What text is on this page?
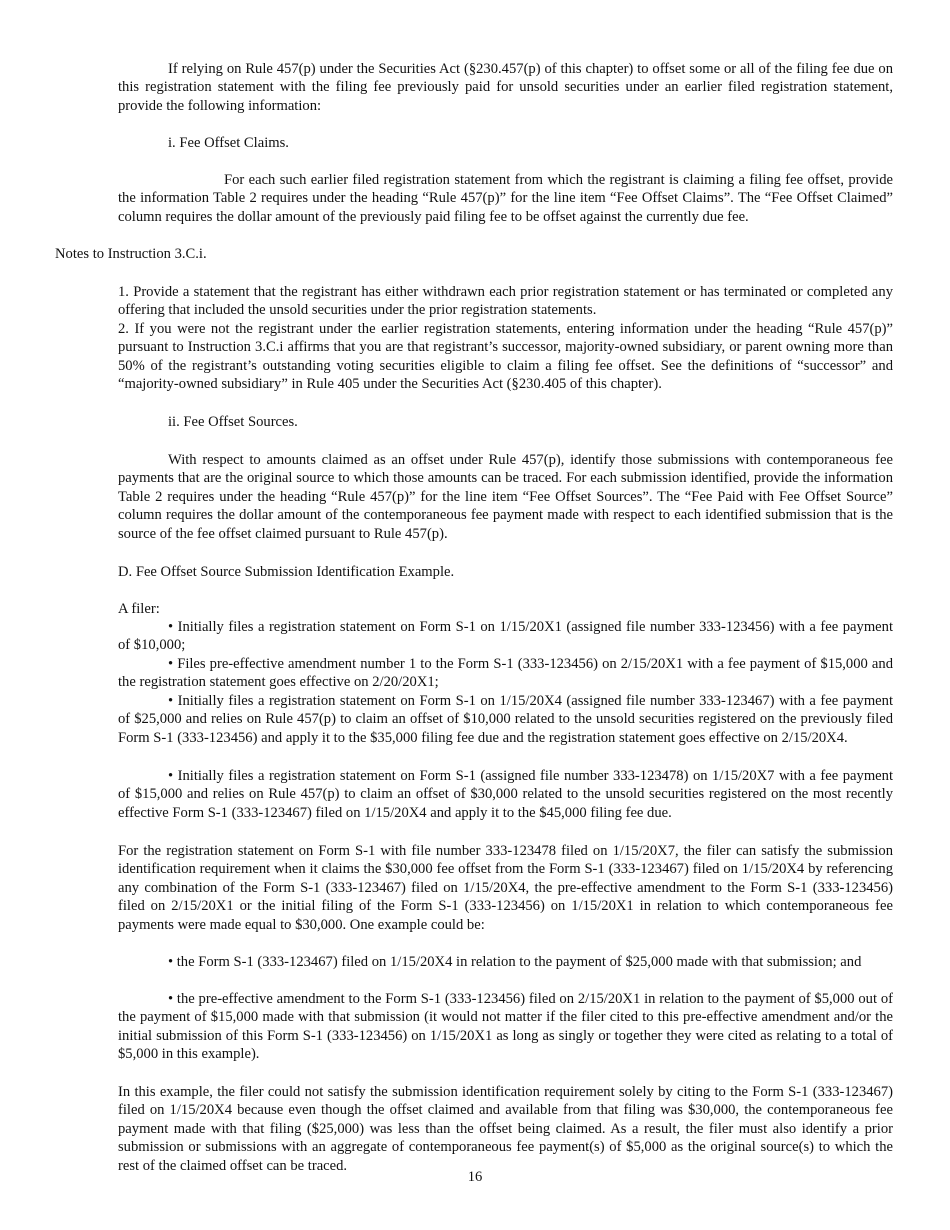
If relying on Rule 457(p) under the Securities Act (§230.457(p) of this chapter) to offset some or all of the filing fee due on this registration statement with the filing fee previously paid for unsold securities under an earlier filed registration statement, provide the following information:

i. Fee Offset Claims.

For each such earlier filed registration statement from which the registrant is claiming a filing fee offset, provide the information Table 2 requires under the heading “Rule 457(p)” for the line item “Fee Offset Claims”. The “Fee Offset Claimed” column requires the dollar amount of the previously paid filing fee to be offset against the currently due fee.

Notes to Instruction 3.C.i.

1. Provide a statement that the registrant has either withdrawn each prior registration statement or has terminated or completed any offering that included the unsold securities under the prior registration statements.

2. If you were not the registrant under the earlier registration statements, entering information under the heading “Rule 457(p)” pursuant to Instruction 3.C.i affirms that you are that registrant’s successor, majority-owned subsidiary, or parent owning more than 50% of the registrant’s outstanding voting securities eligible to claim a filing fee offset. See the definitions of “successor” and “majority-owned subsidiary” in Rule 405 under the Securities Act (§230.405 of this chapter).

ii. Fee Offset Sources.

With respect to amounts claimed as an offset under Rule 457(p), identify those submissions with contemporaneous fee payments that are the original source to which those amounts can be traced. For each submission identified, provide the information Table 2 requires under the heading “Rule 457(p)” for the line item “Fee Offset Sources”. The “Fee Paid with Fee Offset Source” column requires the dollar amount of the contemporaneous fee payment made with respect to each identified submission that is the source of the fee offset claimed pursuant to Rule 457(p).

D. Fee Offset Source Submission Identification Example.

A filer:

• Initially files a registration statement on Form S-1 on 1/15/20X1 (assigned file number 333-123456) with a fee payment of $10,000;

• Files pre-effective amendment number 1 to the Form S-1 (333-123456) on 2/15/20X1 with a fee payment of $15,000 and the registration statement goes effective on 2/20/20X1;

• Initially files a registration statement on Form S-1 on 1/15/20X4 (assigned file number 333-123467) with a fee payment of $25,000 and relies on Rule 457(p) to claim an offset of $10,000 related to the unsold securities registered on the previously filed Form S-1 (333-123456) and apply it to the $35,000 filing fee due and the registration statement goes effective on 2/15/20X4.

• Initially files a registration statement on Form S-1 (assigned file number 333-123478) on 1/15/20X7 with a fee payment of $15,000 and relies on Rule 457(p) to claim an offset of $30,000 related to the unsold securities registered on the most recently effective Form S-1 (333-123467) filed on 1/15/20X4 and apply it to the $45,000 filing fee due.

For the registration statement on Form S-1 with file number 333-123478 filed on 1/15/20X7, the filer can satisfy the submission identification requirement when it claims the $30,000 fee offset from the Form S-1 (333-123467) filed on 1/15/20X4 by referencing any combination of the Form S-1 (333-123467) filed on 1/15/20X4, the pre-effective amendment to the Form S-1 (333-123456) filed on 2/15/20X1 or the initial filing of the Form S-1 (333-123456) on 1/15/20X1 in relation to which contemporaneous fee payments were made equal to $30,000. One example could be:

• the Form S-1 (333-123467) filed on 1/15/20X4 in relation to the payment of $25,000 made with that submission; and

• the pre-effective amendment to the Form S-1 (333-123456) filed on 2/15/20X1 in relation to the payment of $5,000 out of the payment of $15,000 made with that submission (it would not matter if the filer cited to this pre-effective amendment and/or the initial submission of this Form S-1 (333-123456) on 1/15/20X1 as long as singly or together they were cited as relating to a total of $5,000 in this example).

In this example, the filer could not satisfy the submission identification requirement solely by citing to the Form S-1 (333-123467) filed on 1/15/20X4 because even though the offset claimed and available from that filing was $30,000, the contemporaneous fee payment made with that filing ($25,000) was less than the offset being claimed. As a result, the filer must also identify a prior submission or submissions with an aggregate of contemporaneous fee payment(s) of $5,000 as the original source(s) to which the rest of the claimed offset can be traced.

16
